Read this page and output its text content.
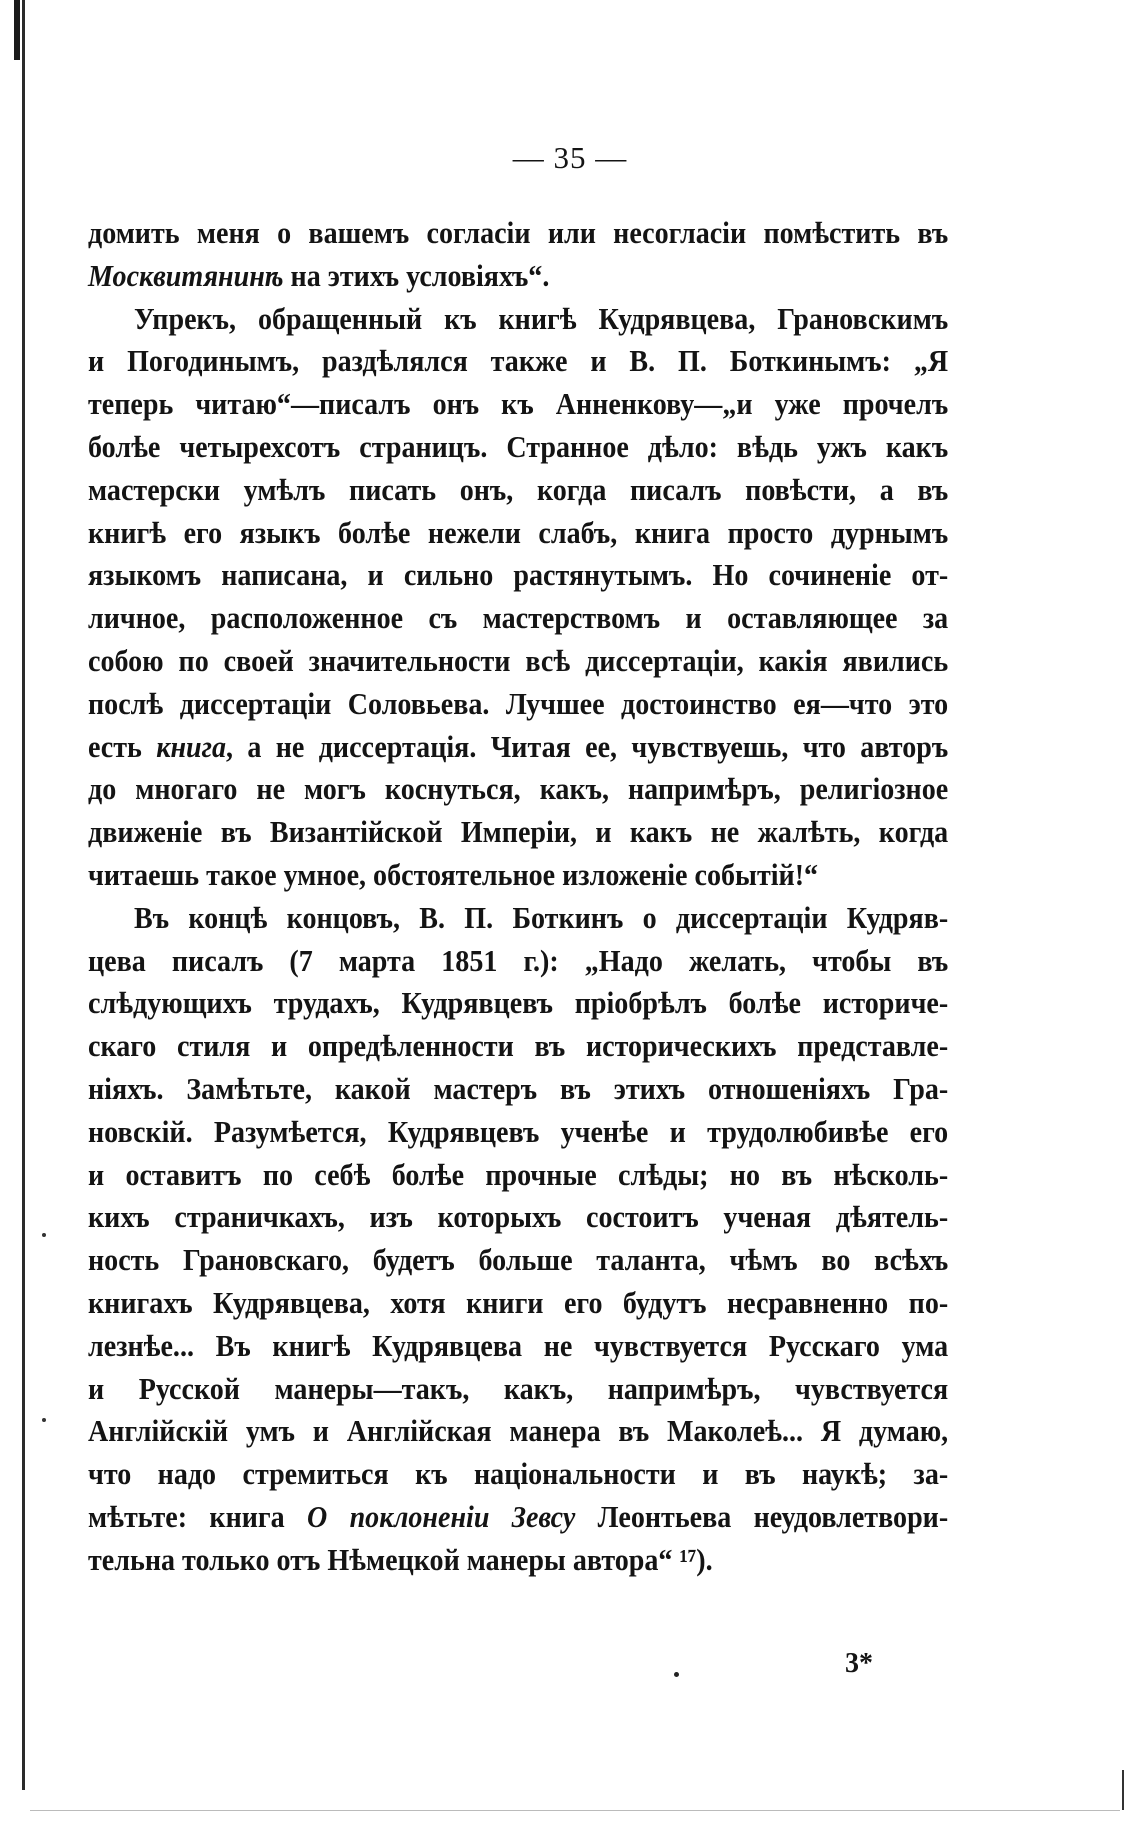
— 35 —
домить меня о вашемъ согласіи или несогласіи помѣстить въ
Москвитянинѣ на этихъ условіяхъ“.
Упрекъ, обращенный къ книгѣ Кудрявцева, Грановскимъ
и Погодинымъ, раздѣлялся также и В. П. Боткинымъ: „Я
теперь читаю“—писалъ онъ къ Анненкову—„и уже прочелъ
болѣе четырехсотъ страницъ. Странное дѣло: вѣдь ужъ какъ
мастерски умѣлъ писать онъ, когда писалъ повѣсти, а въ
книгѣ его языкъ болѣе нежели слабъ, книга просто дурнымъ
языкомъ написана, и сильно растянутымъ. Но сочиненіе от-
личное, расположенное съ мастерствомъ и оставляющее за
собою по своей значительности всѣ диссертаціи, какія явились
послѣ диссертаціи Соловьева. Лучшее достоинство ея—что это
есть книга, а не диссертація. Читая ее, чувствуешь, что авторъ
до многаго не могъ коснуться, какъ, напримѣръ, религіозное
движеніе въ Византійской Имперіи, и какъ не жалѣть, когда
читаешь такое умное, обстоятельное изложеніе событій!“
Въ концѣ концовъ, В. П. Боткинъ о диссертаціи Кудряв-
цева писалъ (7 марта 1851 г.): „Надо желать, чтобы въ
слѣдующихъ трудахъ, Кудрявцевъ пріобрѣлъ болѣе историче-
скаго стиля и опредѣленности въ историческихъ представле-
ніяхъ. Замѣтьте, какой мастеръ въ этихъ отношеніяхъ Гра-
новскій. Разумѣется, Кудрявцевъ ученѣе и трудолюбивѣе его
и оставитъ по себѣ болѣе прочные слѣды; но въ нѣсколь-
кихъ страничкахъ, изъ которыхъ состоитъ ученая дѣятель-
ность Грановскаго, будетъ больше таланта, чѣмъ во всѣхъ
книгахъ Кудрявцева, хотя книги его будутъ несравненно по-
лезнѣе... Въ книгѣ Кудрявцева не чувствуется Русскаго ума
и Русской манеры—такъ, какъ, напримѣръ, чувствуется
Англійскій умъ и Англійская манера въ Маколеѣ... Я думаю,
что надо стремиться къ національности и въ наукѣ; за-
мѣтьте: книга О поклоненіи Зевсу Леонтьева неудовлетвори-
тельна только отъ Нѣмецкой манеры автора“ ¹⁷).
3*
